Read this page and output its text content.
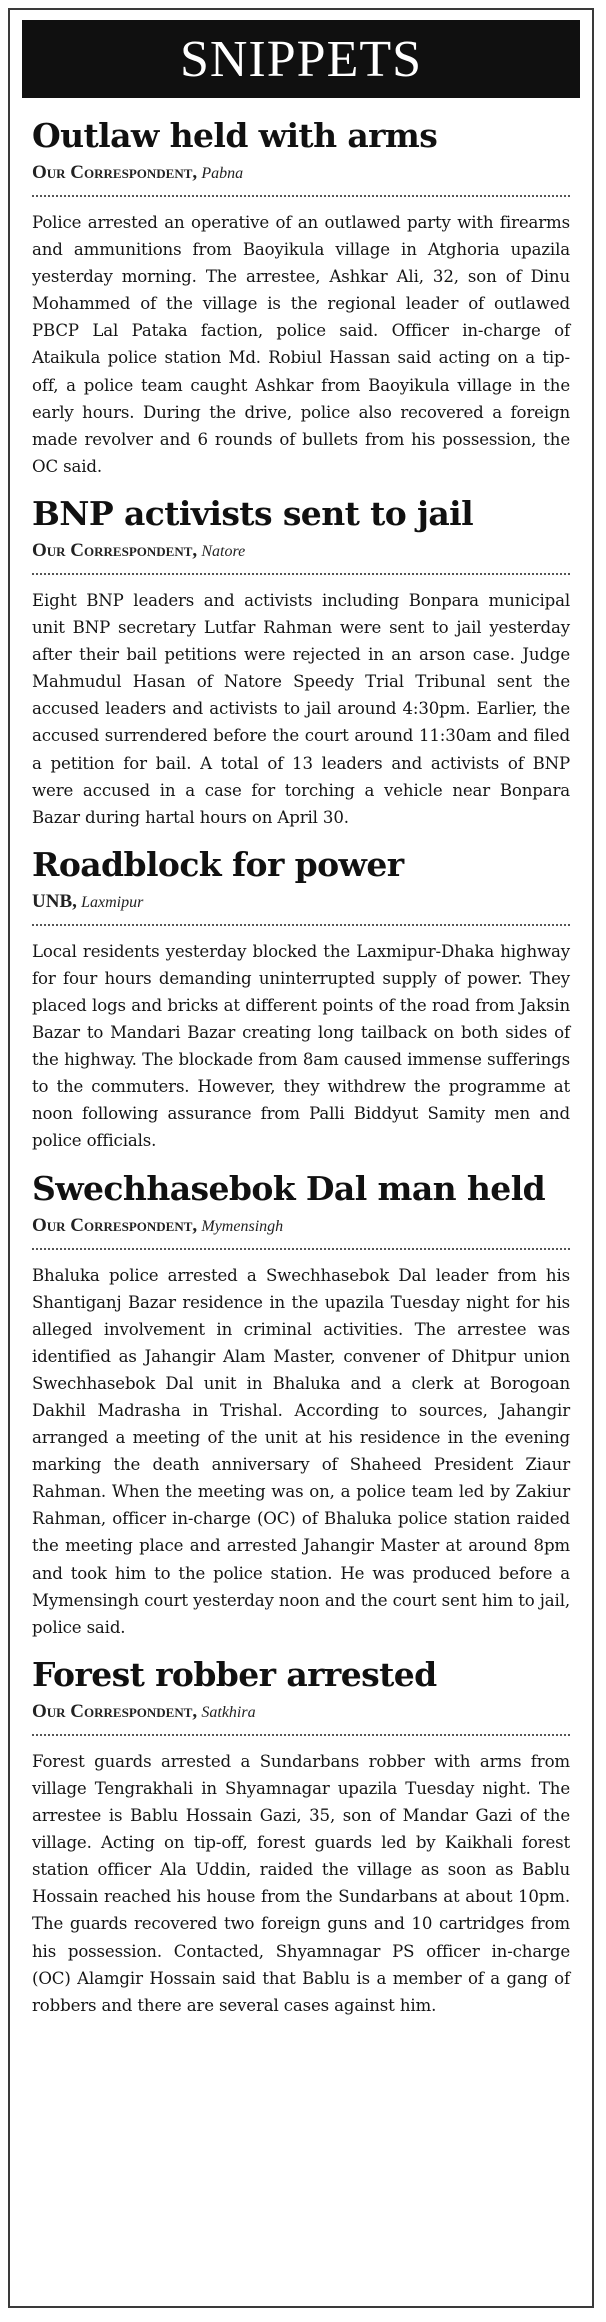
SNIPPETS
Outlaw held with arms

Our Correspondent, Pabna

Police arrested an operative of an outlawed party with firearms and ammunitions from Baoyikula village in Atghoria upazila yesterday morning. The arrestee, Ashkar Ali, 32, son of Dinu Mohammed of the village is the regional leader of outlawed PBCP Lal Pataka faction, police said. Officer in-charge of Ataikula police station Md. Robiul Hassan said acting on a tip-off, a police team caught Ashkar from Baoyikula village in the early hours. During the drive, police also recovered a foreign made revolver and 6 rounds of bullets from his possession, the OC said.

BNP activists sent to jail

Our Correspondent, Natore

Eight BNP leaders and activists including Bonpara municipal unit BNP secretary Lutfar Rahman were sent to jail yesterday after their bail petitions were rejected in an arson case. Judge Mahmudul Hasan of Natore Speedy Trial Tribunal sent the accused leaders and activists to jail around 4:30pm. Earlier, the accused surrendered before the court around 11:30am and filed a petition for bail. A total of 13 leaders and activists of BNP were accused in a case for torching a vehicle near Bonpara Bazar during hartal hours on April 30.

Roadblock for power

UNB, Laxmipur

Local residents yesterday blocked the Laxmipur-Dhaka highway for four hours demanding uninterrupted supply of power. They placed logs and bricks at different points of the road from Jaksin Bazar to Mandari Bazar creating long tailback on both sides of the highway. The blockade from 8am caused immense sufferings to the commuters. However, they withdrew the programme at noon following assurance from Palli Biddyut Samity men and police officials.

Swechhasebok Dal man held

Our Correspondent, Mymensingh

Bhaluka police arrested a Swechhasebok Dal leader from his Shantiganj Bazar residence in the upazila Tuesday night for his alleged involvement in criminal activities. The arrestee was identified as Jahangir Alam Master, convener of Dhitpur union Swechhasebok Dal unit in Bhaluka and a clerk at Borogoan Dakhil Madrasha in Trishal. According to sources, Jahangir arranged a meeting of the unit at his residence in the evening marking the death anniversary of Shaheed President Ziaur Rahman. When the meeting was on, a police team led by Zakiur Rahman, officer in-charge (OC) of Bhaluka police station raided the meeting place and arrested Jahangir Master at around 8pm and took him to the police station. He was produced before a Mymensingh court yesterday noon and the court sent him to jail, police said.

Forest robber arrested

Our Correspondent, Satkhira

Forest guards arrested a Sundarbans robber with arms from village Tengrakhali in Shyamnagar upazila Tuesday night. The arrestee is Bablu Hossain Gazi, 35, son of Mandar Gazi of the village. Acting on tip-off, forest guards led by Kaikhali forest station officer Ala Uddin, raided the village as soon as Bablu Hossain reached his house from the Sundarbans at about 10pm. The guards recovered two foreign guns and 10 cartridges from his possession. Contacted, Shyamnagar PS officer in-charge (OC) Alamgir Hossain said that Bablu is a member of a gang of robbers and there are several cases against him.
